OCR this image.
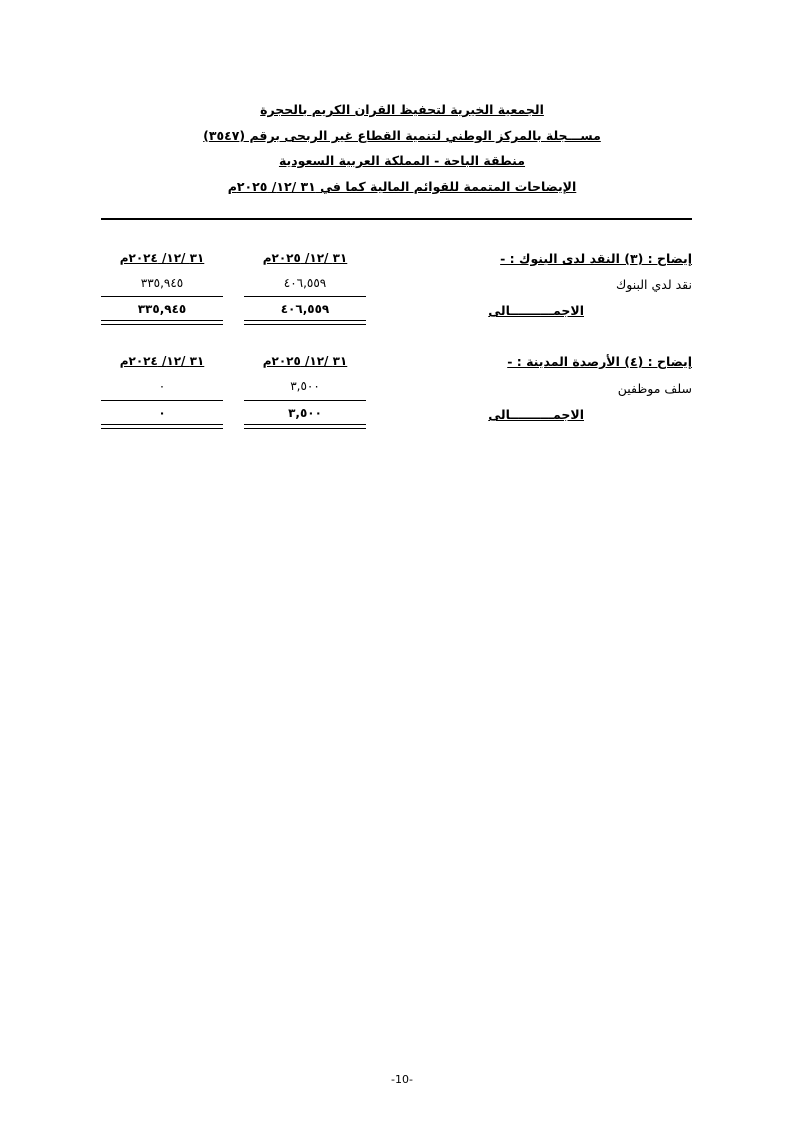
الجمعية الخيرية لتحفيظ القران الكريم بالحجرة
مســـجلة بالمركز الوطني لتنمية القطاع غير الربحى برقم (٣٥٤٧)
منطقة الباحة - المملكة العربية السعودية
الإيضاحات المتممة للقوائم المالية كما في ٣١ /١٢/ ٢٠٢٥م
إيضاح : (٣) النقد لدى البنوك : -
٣١ /١٢/ ٢٠٢٥م
٣١ /١٢/ ٢٠٢٤م
نقد لدي البنوك
٤٠٦,٥٥٩
٣٣٥,٩٤٥
الاجمــــــــــالى
٤٠٦,٥٥٩
٣٣٥,٩٤٥
إيضاح : (٤) الأرصدة المدينة : -
٣١ /١٢/ ٢٠٢٥م
٣١ /١٢/ ٢٠٢٤م
سلف موظفين
٣,٥٠٠
٠
الاجمــــــــــالى
٣,٥٠٠
٠
-10-
